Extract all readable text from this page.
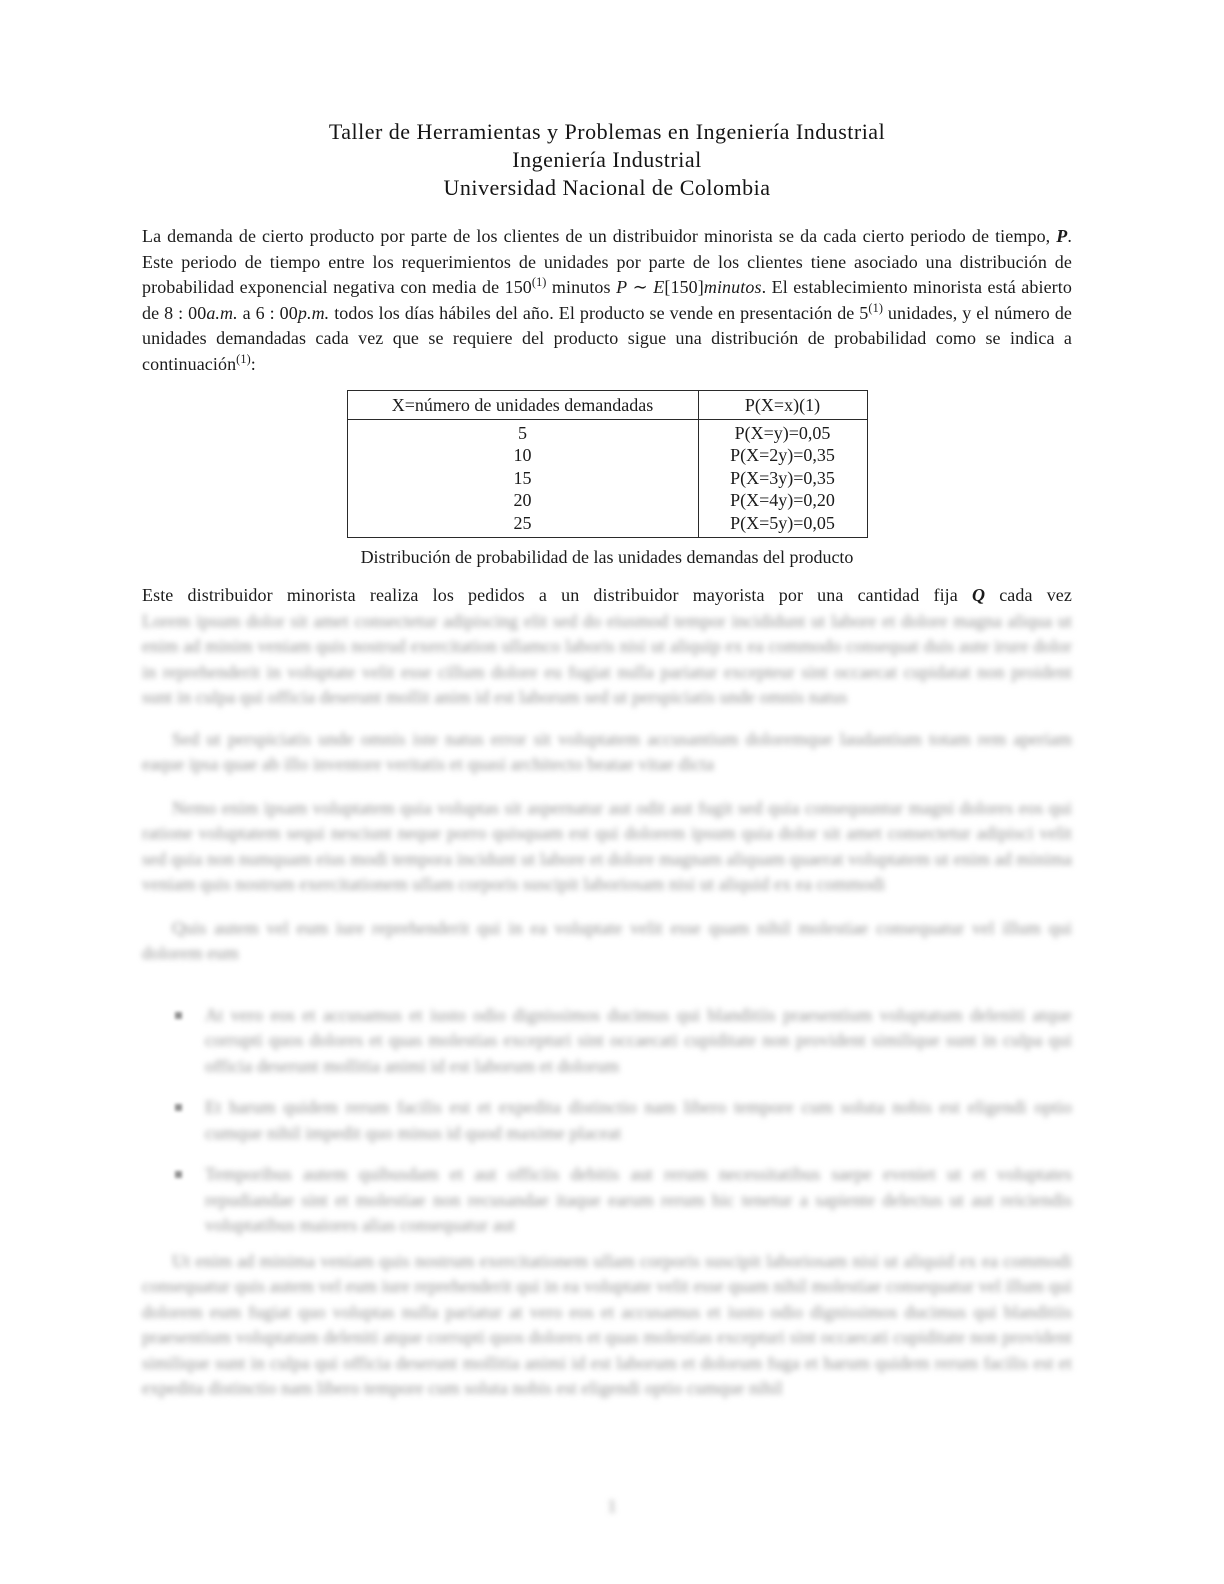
Taller de Herramientas y Problemas en Ingeniería Industrial
Ingeniería Industrial
Universidad Nacional de Colombia

La demanda de cierto producto por parte de los clientes de un distribuidor minorista se da cada cierto periodo de tiempo, P. Este periodo de tiempo entre los requerimientos de unidades por parte de los clientes tiene asociado una distribución de probabilidad exponencial negativa con media de 150$^{(1)}$ minutos P ∼ E[150]minutos. El establecimiento minorista está abierto de 8 : 00a.m. a 6 : 00p.m. todos los días hábiles del año. El producto se vende en presentación de 5$^{(1)}$ unidades, y el número de unidades demandadas cada vez que se requiere del producto sigue una distribución de probabilidad como se indica a continuación$^{(1)}$:

X=número de unidades demandadas	P(X=x)(1)
5	P(X=y)=0,05
10	P(X=2y)=0,35
15	P(X=3y)=0,35
20	P(X=4y)=0,20
25	P(X=5y)=0,05
Distribución de probabilidad de las unidades demandas del producto
Este distribuidor minorista realiza los pedidos a un distribuidor mayorista por una cantidad fija Q cada vez
Lorem ipsum dolor sit amet consectetur adipiscing elit sed do eiusmod tempor incididunt ut labore et dolore magna aliqua ut enim ad minim veniam quis nostrud exercitation ullamco laboris nisi ut aliquip ex ea commodo consequat duis aute irure dolor in reprehenderit in voluptate velit esse cillum dolore eu fugiat nulla pariatur excepteur sint occaecat cupidatat non proident sunt in culpa qui officia deserunt mollit anim id est laborum sed ut perspiciatis unde omnis natus

Sed ut perspiciatis unde omnis iste natus error sit voluptatem accusantium doloremque laudantium totam rem aperiam eaque ipsa quae ab illo inventore veritatis et quasi architecto beatae vitae dicta

Nemo enim ipsam voluptatem quia voluptas sit aspernatur aut odit aut fugit sed quia consequuntur magni dolores eos qui ratione voluptatem sequi nesciunt neque porro quisquam est qui dolorem ipsum quia dolor sit amet consectetur adipisci velit sed quia non numquam eius modi tempora incidunt ut labore et dolore magnam aliquam quaerat voluptatem ut enim ad minima veniam quis nostrum exercitationem ullam corporis suscipit laboriosam nisi ut aliquid ex ea commodi

Quis autem vel eum iure reprehenderit qui in ea voluptate velit esse quam nihil molestiae consequatur vel illum qui dolorem eum

At vero eos et accusamus et iusto odio dignissimos ducimus qui blanditiis praesentium voluptatum deleniti atque corrupti quos dolores et quas molestias excepturi sint occaecati cupiditate non provident similique sunt in culpa qui officia deserunt mollitia animi id est laborum et dolorum
Et harum quidem rerum facilis est et expedita distinctio nam libero tempore cum soluta nobis est eligendi optio cumque nihil impedit quo minus id quod maxime placeat
Temporibus autem quibusdam et aut officiis debitis aut rerum necessitatibus saepe eveniet ut et voluptates repudiandae sint et molestiae non recusandae itaque earum rerum hic tenetur a sapiente delectus ut aut reiciendis voluptatibus maiores alias consequatur aut

Ut enim ad minima veniam quis nostrum exercitationem ullam corporis suscipit laboriosam nisi ut aliquid ex ea commodi consequatur quis autem vel eum iure reprehenderit qui in ea voluptate velit esse quam nihil molestiae consequatur vel illum qui dolorem eum fugiat quo voluptas nulla pariatur at vero eos et accusamus et iusto odio dignissimos ducimus qui blanditiis praesentium voluptatum deleniti atque corrupti quos dolores et quas molestias excepturi sint occaecati cupiditate non provident similique sunt in culpa qui officia deserunt mollitia animi id est laborum et dolorum fuga et harum quidem rerum facilis est et expedita distinctio nam libero tempore cum soluta nobis est eligendi optio cumque nihil

1
